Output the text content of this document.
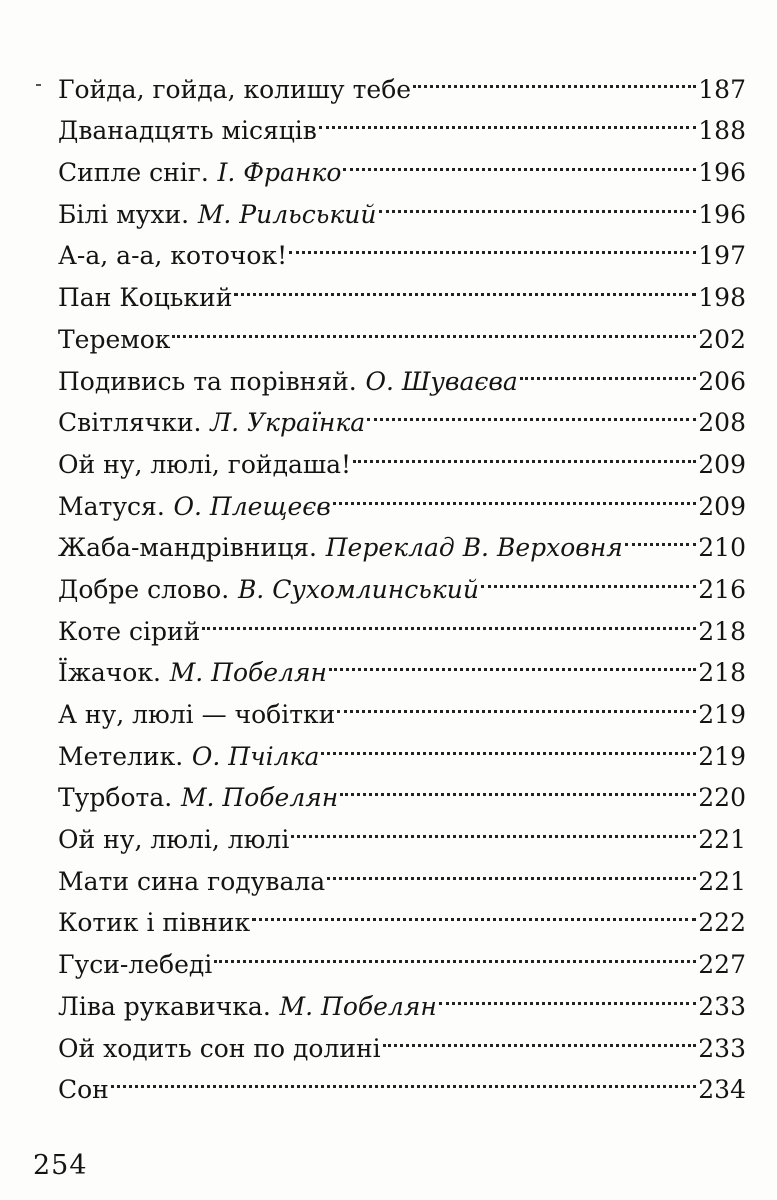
Гойда, гойда, колишу тебе	187
Дванадцять місяців	188
Сипле сніг. І. Франко	196
Білі мухи. М. Рильський	196
А-а, а-а, коточок!	197
Пан Коцький	198
Теремок	202
Подивись та порівняй. О. Шуваєва	206
Світлячки. Л. Українка	208
Ой ну, люлі, гойдаша!	209
Матуся. О. Плещеєв	209
Жаба-мандрівниця. Переклад В. Верховня	210
Добре слово. В. Сухомлинський	216
Коте сірий	218
Їжачок. М. Побелян	218
А ну, люлі — чобітки	219
Метелик. О. Пчілка	219
Турбота. М. Побелян	220
Ой ну, люлі, люлі	221
Мати сина годувала	221
Котик і півник	222
Гуси-лебеді	227
Ліва рукавичка. М. Побелян	233
Ой ходить сон по долині	233
Сон	234
254
